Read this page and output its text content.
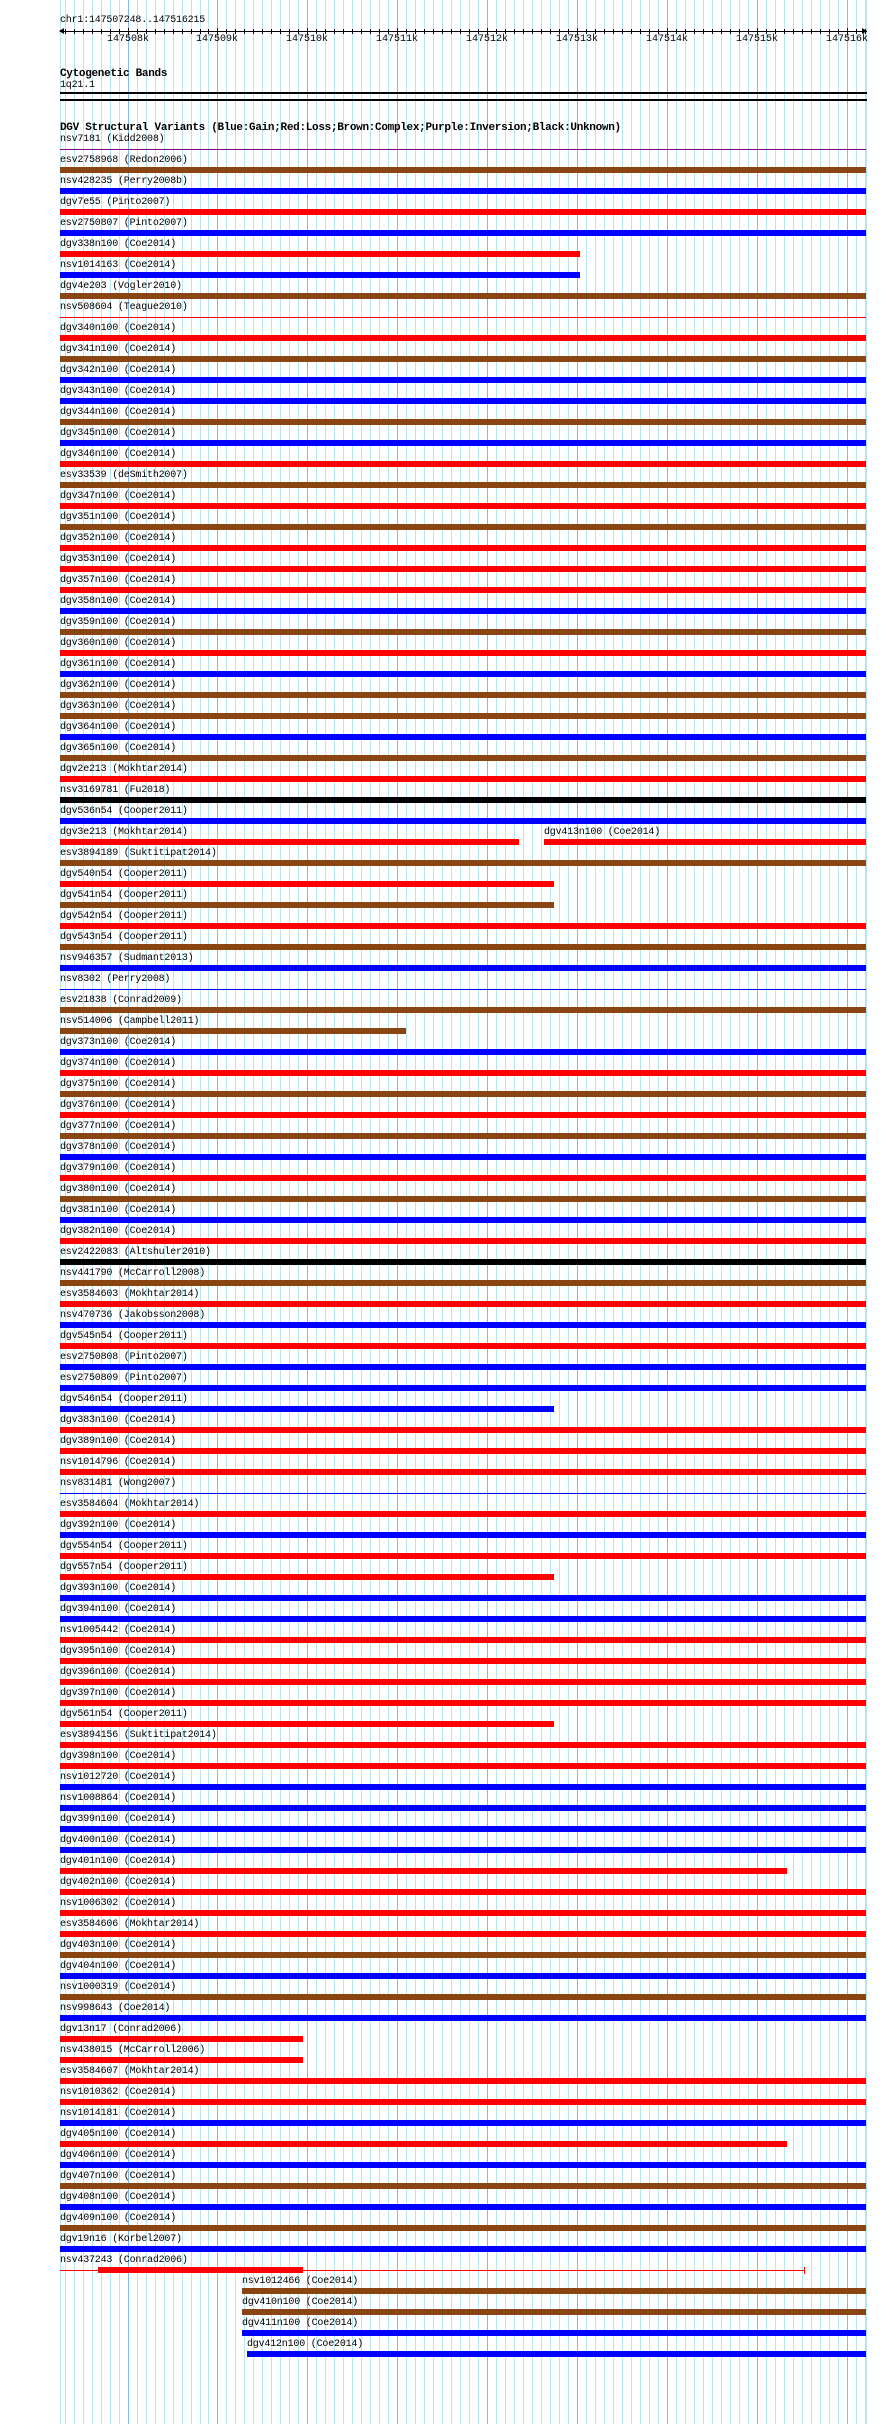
chr1:147507248..147516215
147508k	147509k	147510k	147511k	147512k	147513k	147514k	147515k	147516k
Cytogenetic Bands
1q21.1
DGV Structural Variants (Blue:Gain;Red:Loss;Brown:Complex;Purple:Inversion;Black:Unknown)
nsv7181 (Kidd2008)
esv2758968 (Redon2006)
nsv428235 (Perry2008b)
dgv7e55 (Pinto2007)
esv2750807 (Pinto2007)
dgv338n100 (Coe2014)
nsv1014163 (Coe2014)
dgv4e203 (Vogler2010)
nsv508604 (Teague2010)
dgv340n100 (Coe2014)
dgv341n100 (Coe2014)
dgv342n100 (Coe2014)
dgv343n100 (Coe2014)
dgv344n100 (Coe2014)
dgv345n100 (Coe2014)
dgv346n100 (Coe2014)
esv33539 (deSmith2007)
dgv347n100 (Coe2014)
dgv351n100 (Coe2014)
dgv352n100 (Coe2014)
dgv353n100 (Coe2014)
dgv357n100 (Coe2014)
dgv358n100 (Coe2014)
dgv359n100 (Coe2014)
dgv360n100 (Coe2014)
dgv361n100 (Coe2014)
dgv362n100 (Coe2014)
dgv363n100 (Coe2014)
dgv364n100 (Coe2014)
dgv365n100 (Coe2014)
dgv2e213 (Mokhtar2014)
nsv3169781 (Fu2018)
dgv536n54 (Cooper2011)
dgv3e213 (Mokhtar2014)	dgv413n100 (Coe2014)
esv3894189 (Suktitipat2014)
dgv540n54 (Cooper2011)
dgv541n54 (Cooper2011)
dgv542n54 (Cooper2011)
dgv543n54 (Cooper2011)
nsv946357 (Sudmant2013)
nsv8302 (Perry2008)
esv21838 (Conrad2009)
nsv514006 (Campbell2011)
dgv373n100 (Coe2014)
dgv374n100 (Coe2014)
dgv375n100 (Coe2014)
dgv376n100 (Coe2014)
dgv377n100 (Coe2014)
dgv378n100 (Coe2014)
dgv379n100 (Coe2014)
dgv380n100 (Coe2014)
dgv381n100 (Coe2014)
dgv382n100 (Coe2014)
esv2422083 (Altshuler2010)
nsv441790 (McCarroll2008)
esv3584603 (Mokhtar2014)
nsv470736 (Jakobsson2008)
dgv545n54 (Cooper2011)
esv2750808 (Pinto2007)
esv2750809 (Pinto2007)
dgv546n54 (Cooper2011)
dgv383n100 (Coe2014)
dgv389n100 (Coe2014)
nsv1014796 (Coe2014)
nsv831481 (Wong2007)
esv3584604 (Mokhtar2014)
dgv392n100 (Coe2014)
dgv554n54 (Cooper2011)
dgv557n54 (Cooper2011)
dgv393n100 (Coe2014)
dgv394n100 (Coe2014)
nsv1005442 (Coe2014)
dgv395n100 (Coe2014)
dgv396n100 (Coe2014)
dgv397n100 (Coe2014)
dgv561n54 (Cooper2011)
esv3894156 (Suktitipat2014)
dgv398n100 (Coe2014)
nsv1012720 (Coe2014)
nsv1008864 (Coe2014)
dgv399n100 (Coe2014)
dgv400n100 (Coe2014)
dgv401n100 (Coe2014)
dgv402n100 (Coe2014)
nsv1006302 (Coe2014)
esv3584606 (Mokhtar2014)
dgv403n100 (Coe2014)
dgv404n100 (Coe2014)
nsv1000319 (Coe2014)
nsv998643 (Coe2014)
dgv13n17 (Conrad2006)
nsv438015 (McCarroll2006)
esv3584607 (Mokhtar2014)
nsv1010362 (Coe2014)
nsv1014181 (Coe2014)
dgv405n100 (Coe2014)
dgv406n100 (Coe2014)
dgv407n100 (Coe2014)
dgv408n100 (Coe2014)
dgv409n100 (Coe2014)
dgv19n16 (Korbel2007)
nsv437243 (Conrad2006)
nsv1012466 (Coe2014)
dgv410n100 (Coe2014)
dgv411n100 (Coe2014)
dgv412n100 (Coe2014)
